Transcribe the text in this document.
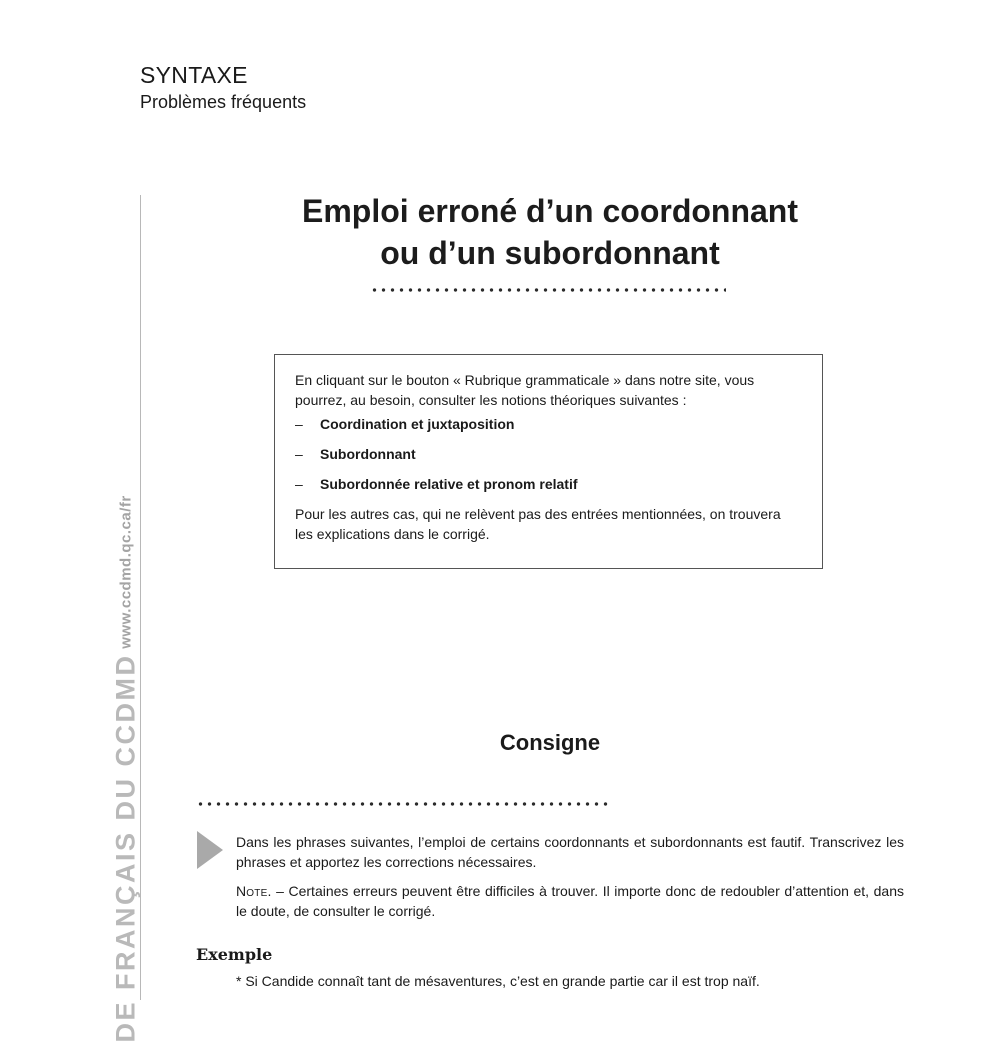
SYNTAXE
Problèmes fréquents
www.ccdmd.qc.ca/fr
DE FRANÇAIS DU CCDMD
Emploi erroné d’un coordonnant
ou d’un subordonnant

En cliquant sur le bouton « Rubrique grammaticale » dans notre site, vous pourrez, au besoin, consulter les notions théoriques suivantes :

–	Coordination et juxtaposition
–	Subordonnant
–	Subordonnée relative et pronom relatif

Pour les autres cas, qui ne relèvent pas des entrées mentionnées, on trouvera les explications dans le corrigé.

Consigne

Dans les phrases suivantes, l’emploi de certains coordonnants et subordonnants est fautif. Transcrivez les phrases et apportez les corrections nécessaires.

Note. – Certaines erreurs peuvent être difficiles à trouver. Il importe donc de redoubler d’attention et, dans le doute, de consulter le corrigé.

Exemple
* Si Candide connaît tant de mésaventures, c’est en grande partie car il est trop naïf.
